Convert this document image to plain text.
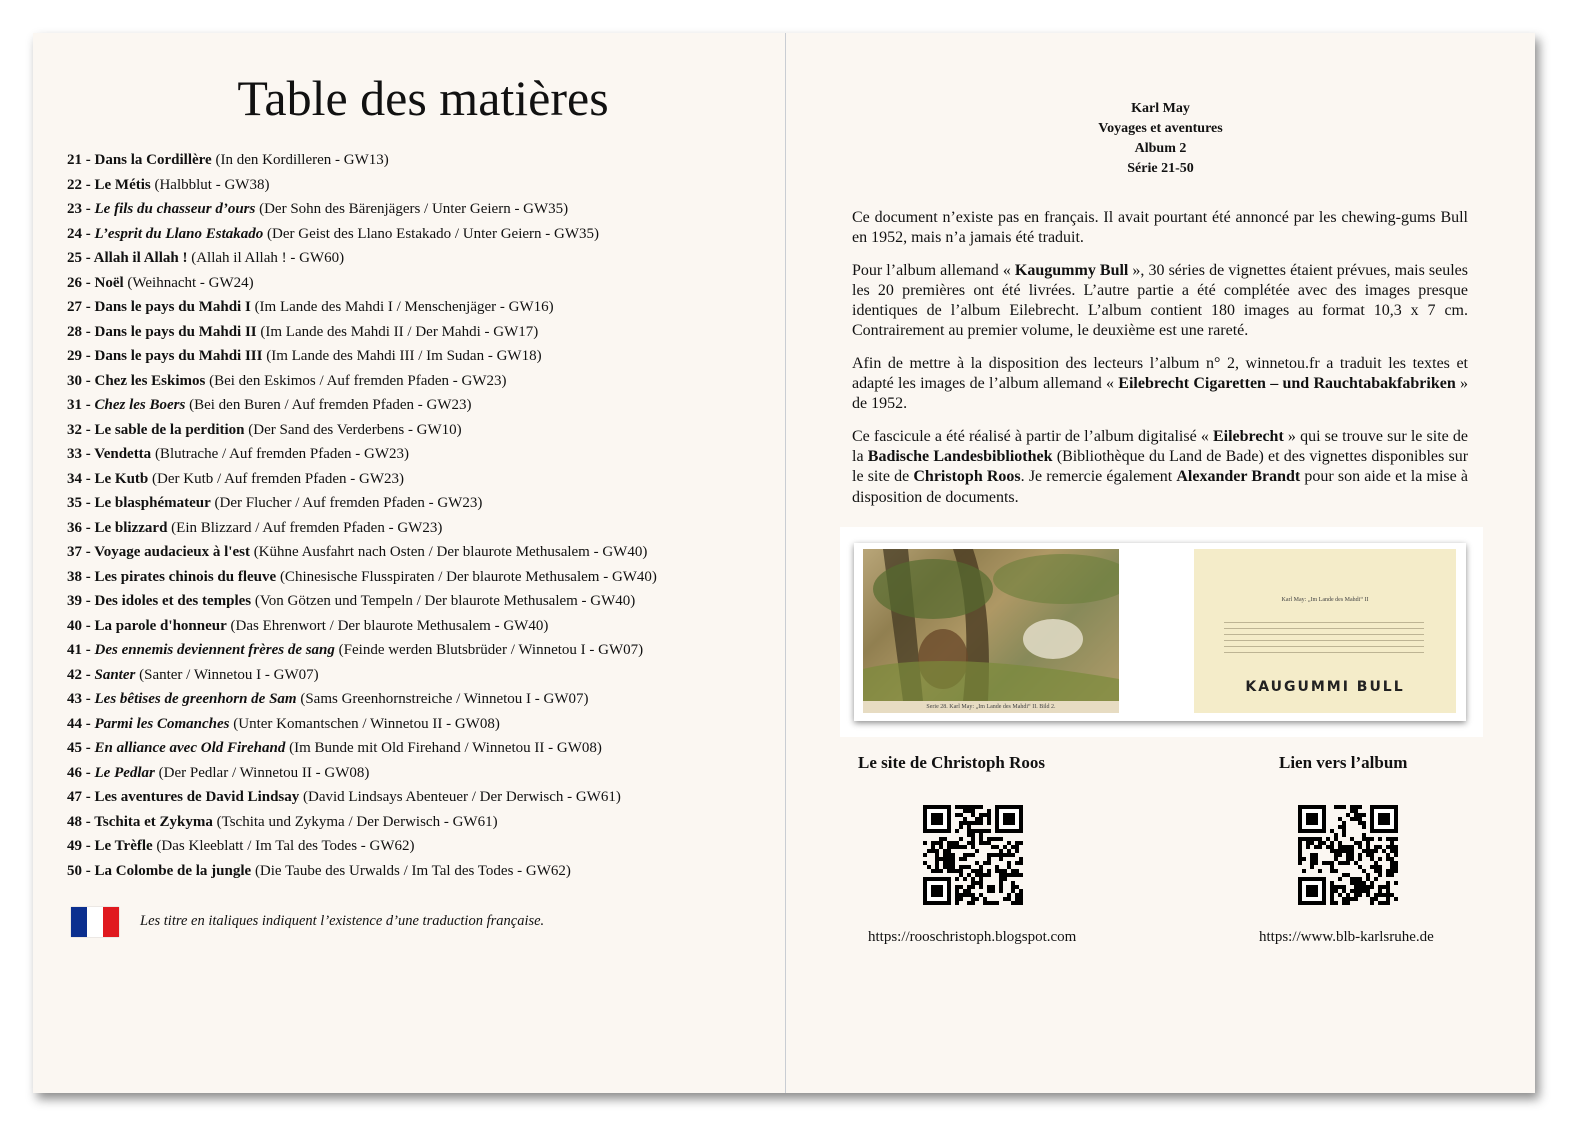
Table des matières
21 - Dans la Cordillère (In den Kordilleren - GW13)
22 - Le Métis (Halbblut - GW38)
23 - Le fils du chasseur d’ours (Der Sohn des Bärenjägers / Unter Geiern - GW35)
24 - L’esprit du Llano Estakado (Der Geist des Llano Estakado / Unter Geiern - GW35)
25 - Allah il Allah ! (Allah il Allah ! - GW60)
26 - Noël (Weihnacht - GW24)
27 - Dans le pays du Mahdi I (Im Lande des Mahdi I / Menschenjäger - GW16)
28 - Dans le pays du Mahdi II (Im Lande des Mahdi II / Der Mahdi - GW17)
29 - Dans le pays du Mahdi III (Im Lande des Mahdi III / Im Sudan - GW18)
30 - Chez les Eskimos (Bei den Eskimos / Auf fremden Pfaden - GW23)
31 - Chez les Boers (Bei den Buren / Auf fremden Pfaden - GW23)
32 - Le sable de la perdition (Der Sand des Verderbens - GW10)
33 - Vendetta (Blutrache / Auf fremden Pfaden - GW23)
34 - Le Kutb (Der Kutb / Auf fremden Pfaden - GW23)
35 - Le blasphémateur (Der Flucher / Auf fremden Pfaden - GW23)
36 - Le blizzard (Ein Blizzard / Auf fremden Pfaden - GW23)
37 - Voyage audacieux à l'est (Kühne Ausfahrt nach Osten / Der blaurote Methusalem - GW40)
38 - Les pirates chinois du fleuve (Chinesische Flusspiraten / Der blaurote Methusalem - GW40)
39 - Des idoles et des temples (Von Götzen und Tempeln / Der blaurote Methusalem - GW40)
40 - La parole d'honneur (Das Ehrenwort / Der blaurote Methusalem - GW40)
41 - Des ennemis deviennent frères de sang (Feinde werden Blutsbrüder / Winnetou I - GW07)
42 - Santer (Santer / Winnetou I - GW07)
43 - Les bêtises de greenhorn de Sam (Sams Greenhornstreiche / Winnetou I - GW07)
44 - Parmi les Comanches (Unter Komantschen / Winnetou II - GW08)
45 - En alliance avec Old Firehand (Im Bunde mit Old Firehand / Winnetou II - GW08)
46 - Le Pedlar (Der Pedlar / Winnetou II - GW08)
47 - Les aventures de David Lindsay (David Lindsays Abenteuer / Der Derwisch - GW61)
48 - Tschita et Zykyma (Tschita und Zykyma / Der Derwisch - GW61)
49 - Le Trèfle (Das Kleeblatt / Im Tal des Todes - GW62)
50 - La Colombe de la jungle (Die Taube des Urwalds / Im Tal des Todes - GW62)
Les titre en italiques indiquent l’existence d’une traduction française.
Karl May
Voyages et aventures
Album 2
Série 21-50

Ce document n’existe pas en français. Il avait pourtant été annoncé par les chewing-gums Bull en 1952, mais n’a jamais été traduit.

Pour l’album allemand « Kaugummy Bull », 30 séries de vignettes étaient prévues, mais seules les 20 premières ont été livrées. L’autre partie a été complétée avec des images presque identiques de l’album Eilebrecht. L’album contient 180 images au format 10,3 x 7 cm. Contrairement au premier volume, le deuxième est une rareté.

Afin de mettre à la disposition des lecteurs l’album n° 2, winnetou.fr a traduit les textes et adapté les images de l’album allemand « Eilebrecht Cigaretten – und Rauchtabakfabriken » de 1952.

Ce fascicule a été réalisé à partir de l’album digitalisé « Eilebrecht » qui se trouve sur le site de la Badische Landesbibliothek (Bibliothèque du Land de Bade) et des vignettes disponibles sur le site de Christoph Roos. Je remercie également Alexander Brandt pour son aide et la mise à disposition de documents.

Serie 28. Karl May: „Im Lande des Mahdi“ II. Bild 2.
Karl May: „Im Lande des Mahdi“ II
KAUGUMMI BULL
Le site de Christoph Roos	Lien vers l’album
https://rooschristoph.blogspot.com	https://www.blb-karlsruhe.de
